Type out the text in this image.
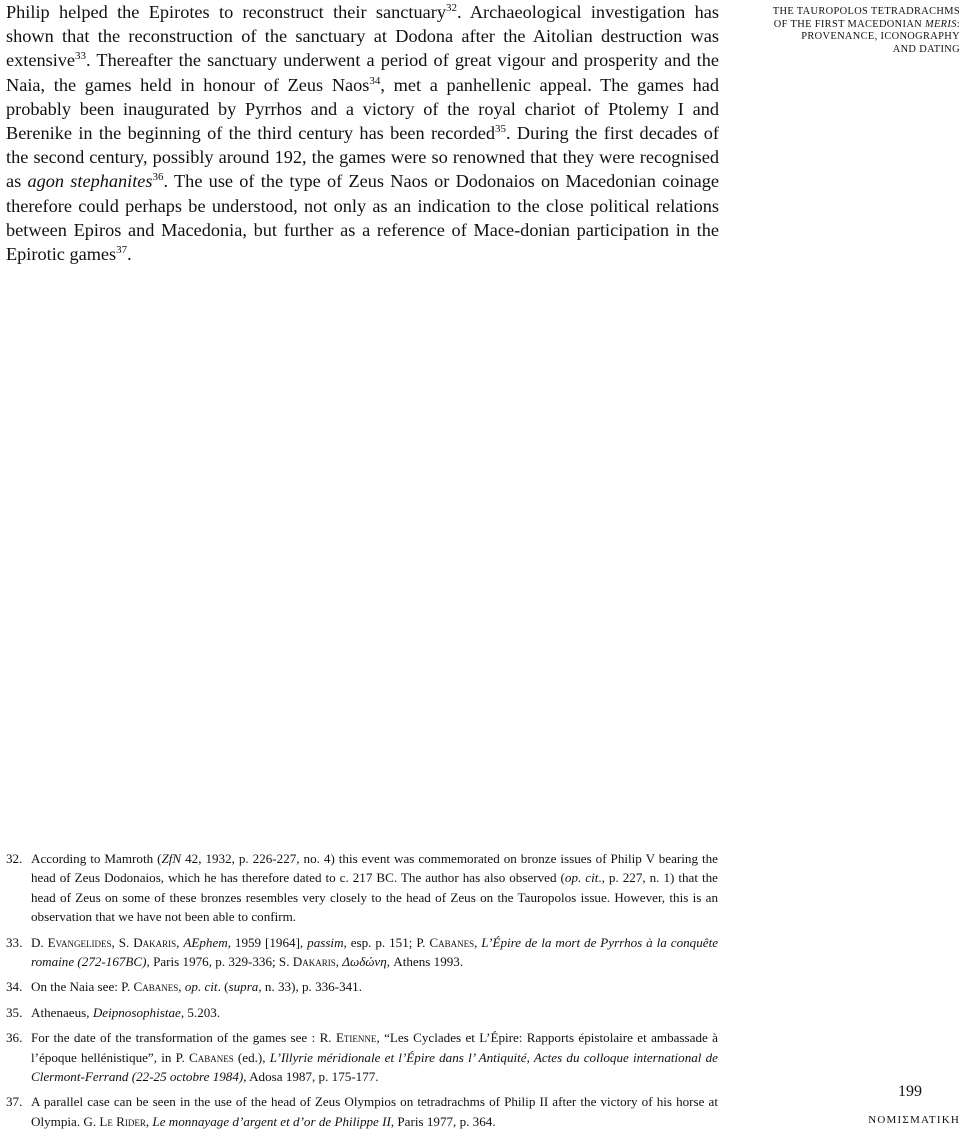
Philip helped the Epirotes to reconstruct their sanctuary$^{32}$. Archaeological investigation has shown that the reconstruction of the sanctuary at Dodona after the Aitolian destruction was extensive$^{33}$. Thereafter the sanctuary underwent a period of great vigour and prosperity and the Naia, the games held in honour of Zeus Naos$^{34}$, met a panhellenic appeal. The games had probably been inaugurated by Pyrrhos and a victory of the royal chariot of Ptolemy I and Berenike in the beginning of the third century has been recorded$^{35}$. During the first decades of the second century, possibly around 192, the games were so renowned that they were recognised as agon stephanites$^{36}$. The use of the type of Zeus Naos or Dodonaios on Macedonian coinage therefore could perhaps be understood, not only as an indication to the close political relations between Epiros and Macedonia, but further as a reference of Mace-donian participation in the Epirotic games$^{37}$.

THE TAUROPOLOS TETRADRACHMS
OF THE FIRST MACEDONIAN MERIS:
PROVENANCE, ICONOGRAPHY
AND DATING
32. According to Mamroth (ZfN 42, 1932, p. 226-227, no. 4) this event was commemorated on bronze issues of Philip V bearing the head of Zeus Dodonaios, which he has therefore dated to c. 217 BC. The author has also observed (op. cit., p. 227, n. 1) that the head of Zeus on some of these bronzes resembles very closely to the head of Zeus on the Tauropolos issue. However, this is an observation that we have not been able to confirm.
33. D. Evangelides, S. Dakaris, AEphem, 1959 [1964], passim, esp. p. 151; P. Cabanes, L’Épire de la mort de Pyrrhos à la conquête romaine (272-167BC), Paris 1976, p. 329-336; S. Dakaris, Δωδώνη, Athens 1993.
34. On the Naia see: P. Cabanes, op. cit. (supra, n. 33), p. 336-341.
35. Athenaeus, Deipnosophistae, 5.203.
36. For the date of the transformation of the games see : R. Etienne, “Les Cyclades et L’Épire: Rapports épistolaire et ambassade à l’époque hellénistique”, in P. Cabanes (ed.), L’Illyrie méridionale et l’Épire dans l’ Antiquité, Actes du colloque international de Clermont-Ferrand (22-25 octobre 1984), Adosa 1987, p. 175-177.
37. A parallel case can be seen in the use of the head of Zeus Olympios on tetradrachms of Philip II after the victory of his horse at Olympia. G. Le Rider, Le monnayage d’argent et d’or de Philippe II, Paris 1977, p. 364.
199
ΝΟΜΙΣΜΑΤΙΚΗ
